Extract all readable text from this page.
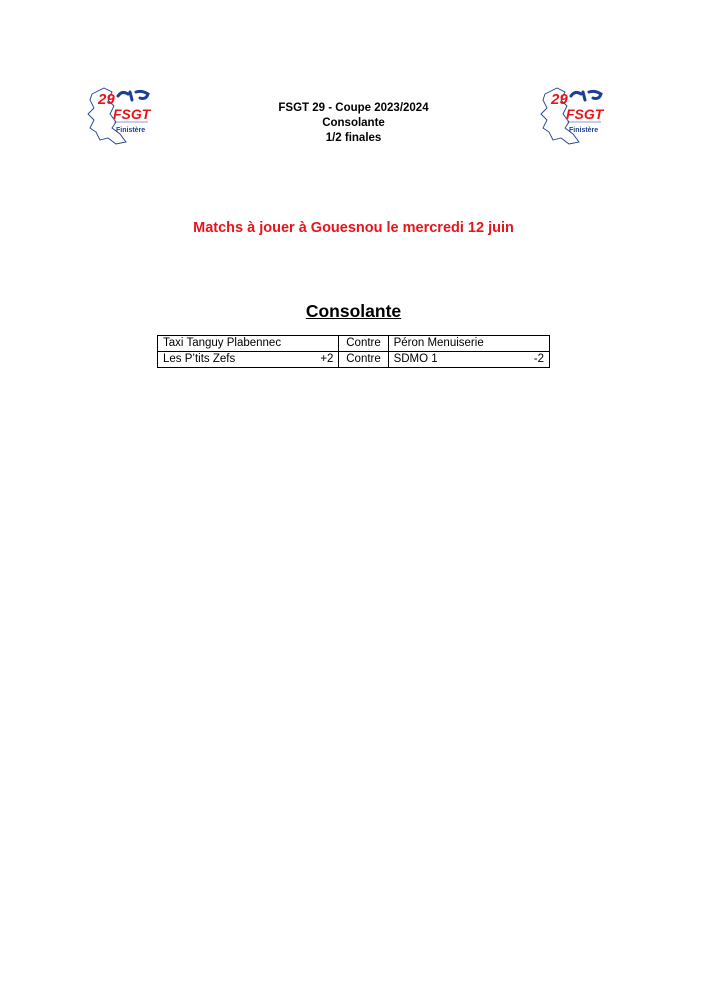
29
FSGT
Finistère
29
FSGT
Finistère
FSGT 29 - Coupe 2023/2024
Consolante
1/2 finales
Matchs à jouer à Gouesnou le mercredi 12 juin
Consolante
Taxi Tanguy Plabennec	Contre	Péron Menuiserie

Les P’tits Zefs +2	Contre	SDMO 1 -2
